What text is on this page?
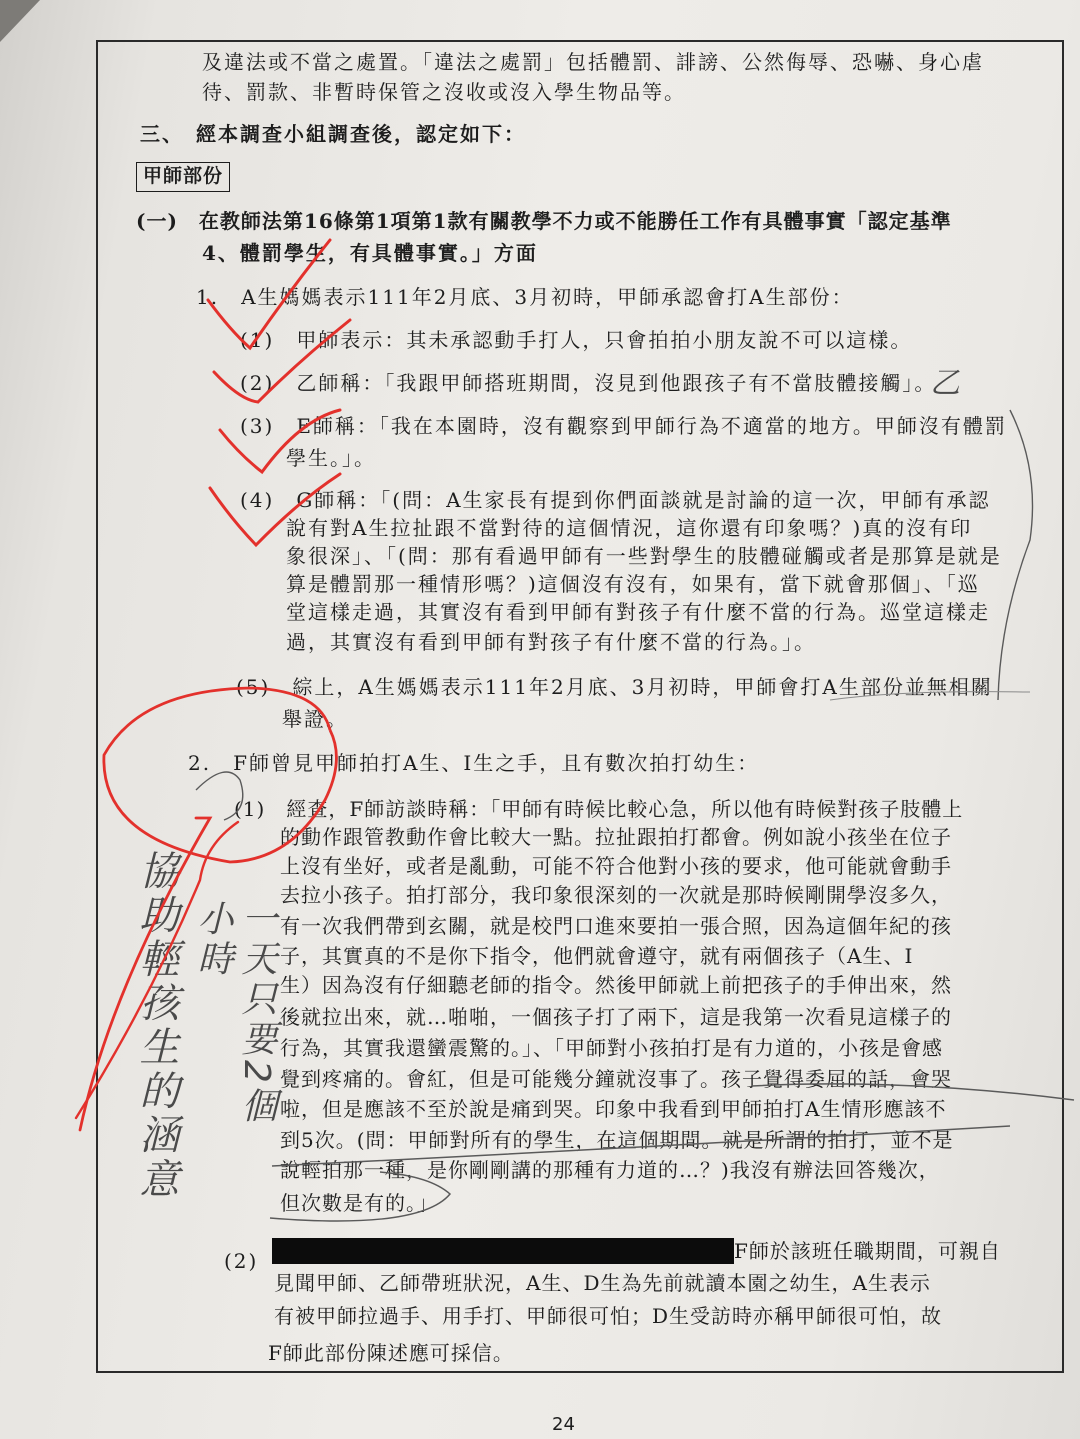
及違法或不當之處置。「違法之處罰」包括體罰、誹謗、公然侮辱、恐嚇、身心虐
待、罰款、非暫時保管之沒收或沒入學生物品等。
三、　經本調查小組調查後，認定如下：
甲師部份
(一)　在教師法第16條第1項第1款有關教學不力或不能勝任工作有具體事實「認定基準
4、體罰學生，有具體事實。」方面
1.　A生媽媽表示111年2月底、3月初時，甲師承認會打A生部份：
(1)　甲師表示：其未承認動手打人，只會拍拍小朋友說不可以這樣。
(2)　乙師稱：「我跟甲師搭班期間，沒見到他跟孩子有不當肢體接觸」。
(3)　E師稱：「我在本園時，沒有觀察到甲師行為不適當的地方。甲師沒有體罰
學生。」。
(4)　G師稱：「(問：A生家長有提到你們面談就是討論的這一次，甲師有承認
說有對A生拉扯跟不當對待的這個情況，這你還有印象嗎？)真的沒有印
象很深」、「(問：那有看過甲師有一些對學生的肢體碰觸或者是那算是就是
算是體罰那一種情形嗎？)這個沒有沒有，如果有，當下就會那個」、「巡
堂這樣走過，其實沒有看到甲師有對孩子有什麼不當的行為。巡堂這樣走
過，其實沒有看到甲師有對孩子有什麼不當的行為。」。
(5)　綜上，A生媽媽表示111年2月底、3月初時，甲師會打A生部份並無相關
舉證。
2.　F師曾見甲師拍打A生、I生之手，且有數次拍打幼生：
(1)　經查，F師訪談時稱：「甲師有時候比較心急，所以他有時候對孩子肢體上
的動作跟管教動作會比較大一點。拉扯跟拍打都會。例如說小孩坐在位子
上沒有坐好，或者是亂動，可能不符合他對小孩的要求，他可能就會動手
去拉小孩子。拍打部分，我印象很深刻的一次就是那時候剛開學沒多久，
有一次我們帶到玄關，就是校門口進來要拍一張合照，因為這個年紀的孩
子，其實真的不是你下指令，他們就會遵守，就有兩個孩子（A生、I
生）因為沒有仔細聽老師的指令。然後甲師就上前把孩子的手伸出來，然
後就拉出來，就…啪啪，一個孩子打了兩下，這是我第一次看見這樣子的
行為，其實我還蠻震驚的。」、「甲師對小孩拍打是有力道的，小孩是會感
覺到疼痛的。會紅，但是可能幾分鐘就沒事了。孩子覺得委屈的話，會哭
啦，但是應該不至於說是痛到哭。印象中我看到甲師拍打A生情形應該不
到5次。(問：甲師對所有的學生，在這個期間。就是所謂的拍打，並不是
說輕拍那一種，是你剛剛講的那種有力道的…？)我沒有辦法回答幾次，
但次數是有的。」
(2)	F師於該班任職期間，可親自
見聞甲師、乙師帶班狀況，A生、D生為先前就讀本園之幼生，A生表示
有被甲師拉過手、用手打、甲師很可怕；D生受訪時亦稱甲師很可怕，故
F師此部份陳述應可採信。
24
協助輕孩生的涵意	一天只要2個小時
乙
